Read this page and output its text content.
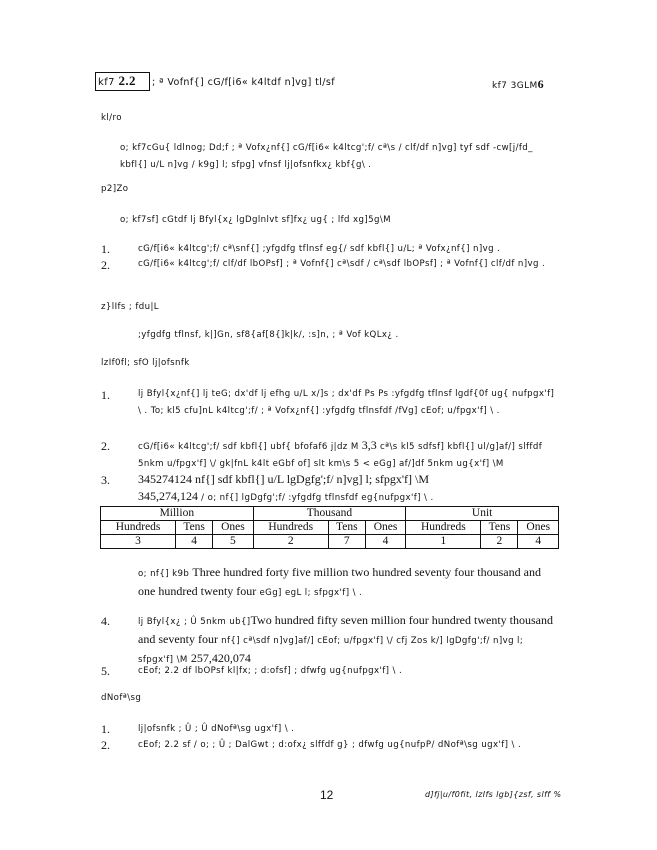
kf7 2.2 ; ª Vofnf{] cG/f[i6« k4ltdf n]vg] tl/sf	kf7 3GLM6
kl/ro
o; kf7cGu{ ldlnog; Dd;f ; ª Vofx¿nf{] cG/f[i6« k4ltcg';f/ cª\s / clf/df n]vg] tyf sdf -cw[j/fd_ kbfl{] u/L n]vg / k9g] l; sfpg] vfnsf lj|ofsnfkx¿ kbf{g\ .
p2]Zo
o; kf7sf] cGtdf lj Bfyl{x¿ lgDglnlvt sf]fx¿ ug{ ; lfd xg]5g\M
1.	cG/f[i6« k4ltcg';f/ cª\snf{] ;yfgdfg tflnsf eg{/ sdf kbfl{] u/L; ª Vofx¿nf{] n]vg .
2.	cG/f[i6« k4ltcg';f/ clf/df lbOPsf] ; ª Vofnf{] cª\sdf / cª\sdf lbOPsf] ; ª Vofnf{] clf/df n]vg .
z}lIfs ; fdu|L
;yfgdfg tflnsf, k|]Gn, sf8{af[8{]k|k/, :s]n, ; ª Vof kQLx¿ .
lzIf0fl; sfO lj|ofsnfk
1.	lj Bfyl{x¿nf{] lj teG; dx'df lj efhg u/L x/]s ; dx'df Ps Ps :yfgdfg tflnsf lgdf{0f ug{ nufpgx'f] \ . To; kl5 cfu]nL k4ltcg';f/ ; ª Vofx¿nf{] :yfgdfg tflnsfdf /fVg] cEof; u/fpgx'f] \ .
2.	cG/f[i6« k4ltcg';f/ sdf kbfl{] ubf{ bfofaf6 j|dz M 3,3 cª\s kl5 sdfsf] kbfl{] ul/g]af/] slffdf 5nkm u/fpgx'f] \/ gk|fnL k4lt eGbf of] slt km\s 5 < eGg] af/]df 5nkm ug{x'f] \M
3. 345274124 nf{] sdf kbfl{] u/L lgDgfg';f/ n]vg] l; sfpgx'f] \M
345,274,124 / o; nf{] lgDgfg';f/ :yfgdfg tflnsfdf eg{nufpgx'f] \ .
Million			Thousand			Unit		
Hundreds	Tens	Ones	Hundreds	Tens	Ones	Hundreds	Tens	Ones
3	4	5	2	7	4	1	2	4
o; nf{] k9b Three hundred forty five million two hundred seventy four thousand and one hundred twenty four eGg] egL l; sfpgx'f] \ .
4.	lj Bfyl{x¿ ; Û 5nkm ub{]Two hundred fifty seven million four hundred twenty thousand and seventy four nf{] cª\sdf n]vg]af/] cEof; u/fpgx'f] \/ cfj Zos k/] lgDgfg';f/ n]vg l; sfpgx'f] \M 257,420,074
5.	cEof; 2.2 df lbOPsf kl|fx; ; d:ofsf] ; dfwfg ug{nufpgx'f] \ .
dNofª\sg
1.	lj|ofsnfk ; Û ; Û dNofª\sg ugx'f] \ .
2.	cEof; 2.2 sf / o; ; Û ; DalGwt ; d:ofx¿ slffdf g} ; dfwfg ug{nufpP/ dNofª\sg ugx'f] \ .
12	d]fj|u/f0fit, lzIfs lgb]{zsf, slff %
